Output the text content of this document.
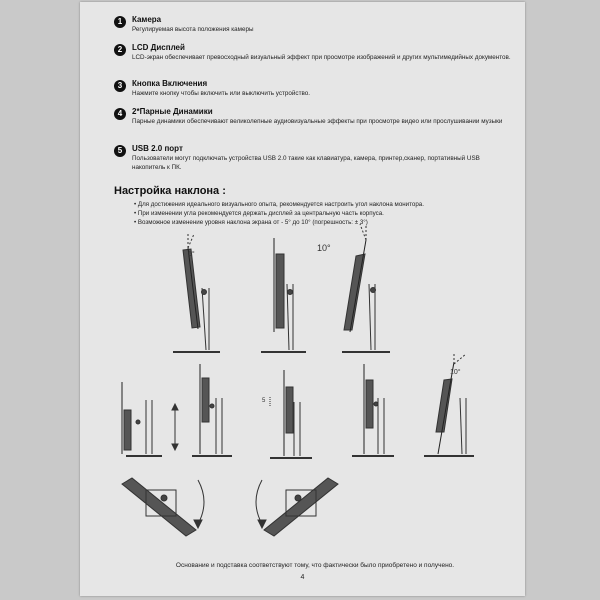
1	Камера
Регулируемая высота положения камеры
2	LCD Дисплей
LCD-экран обеспечивает превосходный визуальный эффект при просмотре изображений и других мультимедийных документов.
3	Кнопка Включения
Нажмите кнопку чтобы включить или выключить устройство.
4	2*Парные Динамики
Парные динамики обеспечивают великолепные аудиовизуальные эффекты при просмотре видео или прослушивании музыки
5	USB 2.0 порт
Пользователи могут подключать устройства USB 2.0 такие как клавиатура, камера, принтер,сканер, портативный USB накопитель к ПК.
Настройка наклона :
• Для достижения идеального визуального опыта, рекомендуется настроить угол наклона монитора.
• При изменении угла рекомендуется держать дисплей за центральную часть корпуса.
• Возможное изменение уровня наклона экрана от - 5° до 10° (погрешность: ± 3°)
5°
10°
5
10°
Основание и подставка соответствуют тому, что фактически было приобретено и получено.
4
